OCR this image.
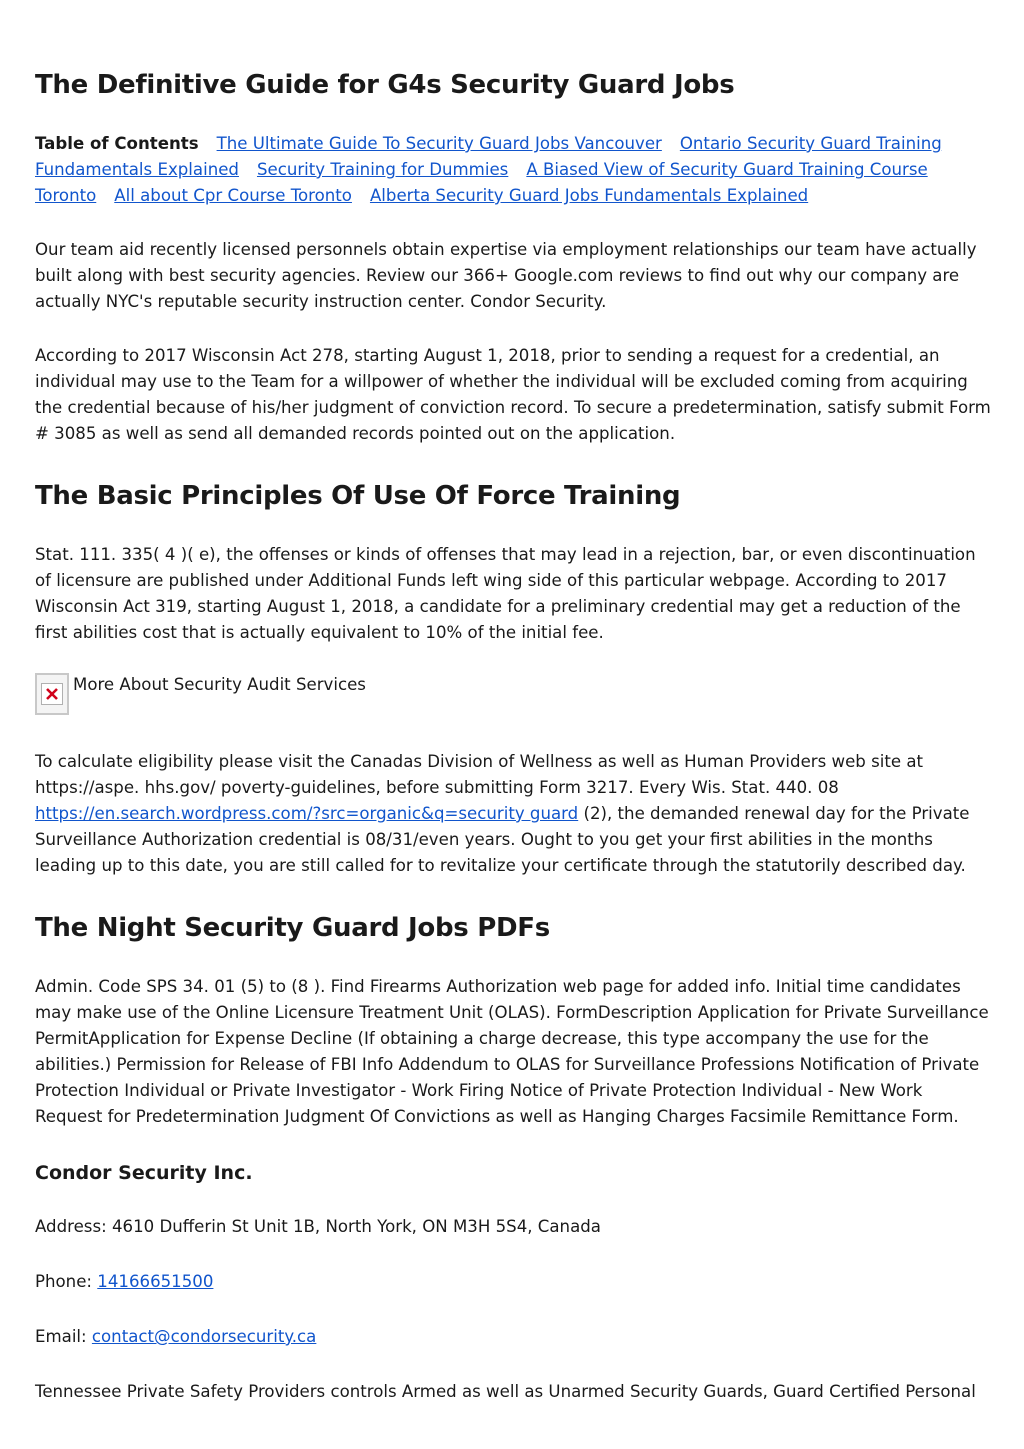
The Definitive Guide for G4s Security Guard Jobs
Table of Contents The Ultimate Guide To Security Guard Jobs Vancouver Ontario Security Guard Training Fundamentals Explained Security Training for Dummies A Biased View of Security Guard Training Course Toronto All about Cpr Course Toronto Alberta Security Guard Jobs Fundamentals Explained

Our team aid recently licensed personnels obtain expertise via employment relationships our team have actually built along with best security agencies. Review our 366+ Google.com reviews to find out why our company are actually NYC's reputable security instruction center. Condor Security.

According to 2017 Wisconsin Act 278, starting August 1, 2018, prior to sending a request for a credential, an individual may use to the Team for a willpower of whether the individual will be excluded coming from acquiring the credential because of his/her judgment of conviction record. To secure a predetermination, satisfy submit Form # 3085 as well as send all demanded records pointed out on the application.

The Basic Principles Of Use Of Force Training

Stat. 111. 335( 4 )( e), the offenses or kinds of offenses that may lead in a rejection, bar, or even discontinuation of licensure are published under Additional Funds left wing side of this particular webpage. According to 2017 Wisconsin Act 319, starting August 1, 2018, a candidate for a preliminary credential may get a reduction of the first abilities cost that is actually equivalent to 10% of the initial fee.

More About Security Audit Services

To calculate eligibility please visit the Canadas Division of Wellness as well as Human Providers web site at https://aspe. hhs.gov/ poverty-guidelines, before submitting Form 3217. Every Wis. Stat. 440. 08 https://en.search.wordpress.com/?src=organic&q=security guard (2), the demanded renewal day for the Private Surveillance Authorization credential is 08/31/even years. Ought to you get your first abilities in the months leading up to this date, you are still called for to revitalize your certificate through the statutorily described day.

The Night Security Guard Jobs PDFs

Admin. Code SPS 34. 01 (5) to (8 ). Find Firearms Authorization web page for added info. Initial time candidates may make use of the Online Licensure Treatment Unit (OLAS). FormDescription Application for Private Surveillance PermitApplication for Expense Decline (If obtaining a charge decrease, this type accompany the use for the abilities.) Permission for Release of FBI Info Addendum to OLAS for Surveillance Professions Notification of Private Protection Individual or Private Investigator - Work Firing Notice of Private Protection Individual - New Work Request for Predetermination Judgment Of Convictions as well as Hanging Charges Facsimile Remittance Form.

Condor Security Inc.

Address: 4610 Dufferin St Unit 1B, North York, ON M3H 5S4, Canada

Phone: 14166651500

Email: contact@condorsecurity.ca

Tennessee Private Safety Providers controls Armed as well as Unarmed Security Guards, Guard Certified Personal
